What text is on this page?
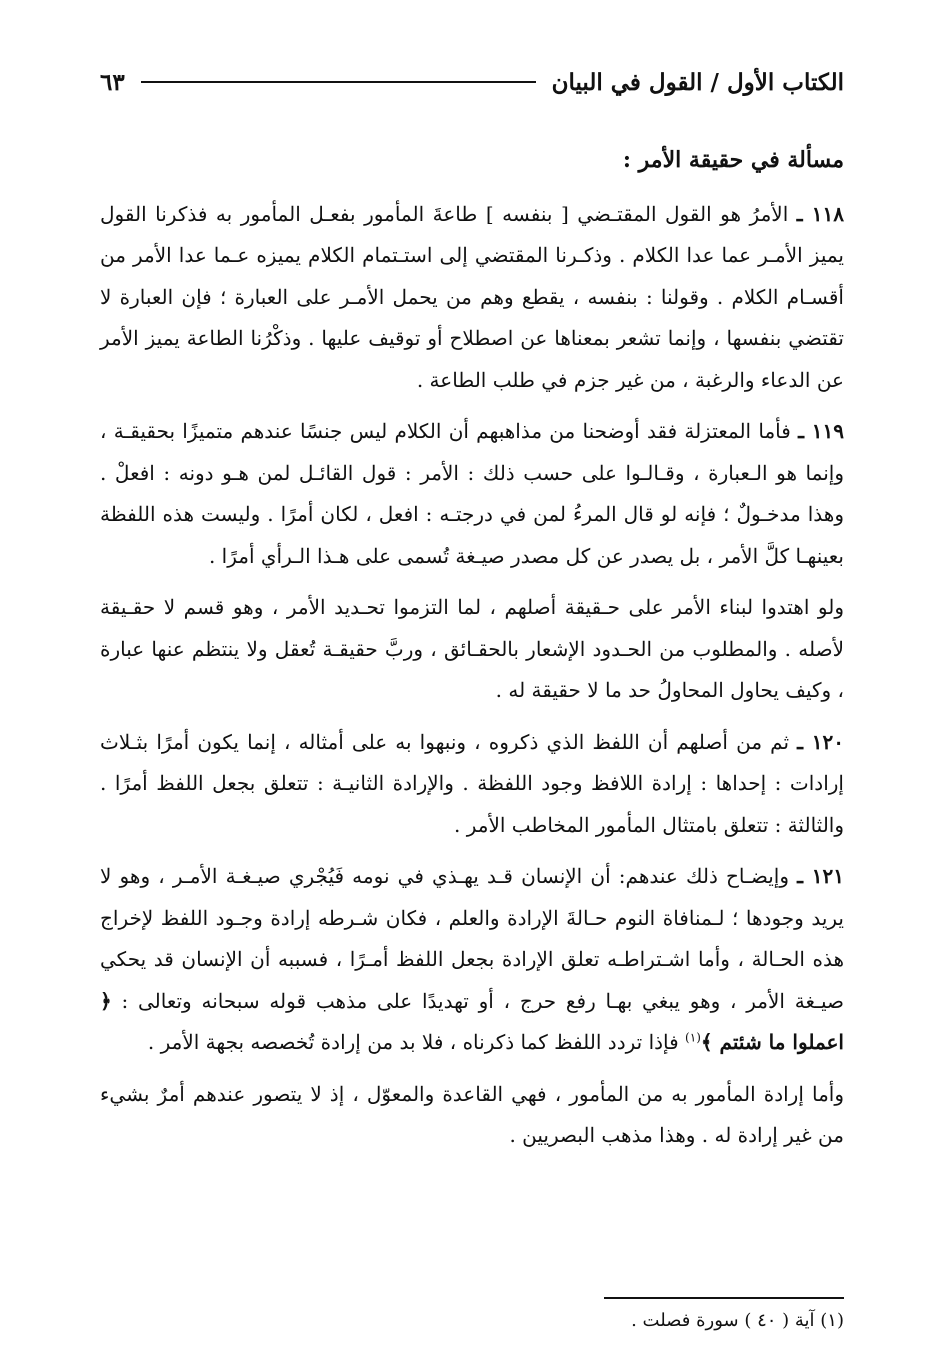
الكتاب الأول / القول في البيان
٦٣
مسألة في حقيقة الأمر :

١١٨ ـ الأمرُ هو القول المقتـضي [ بنفسه ] طاعةَ المأمور بفعـل المأمور به فذكرنا القول يميز الأمـر عما عدا الكلام . وذكـرنا المقتضي إلى استـتمام الكلام يميزه عـما عدا الأمر من أقسـام الكلام . وقولنا : بنفسه ، يقطع وهم من يحمل الأمـر على العبارة ؛ فإن العبارة لا تقتضي بنفسها ، وإنما تشعر بمعناها عن اصطلاح أو توقيف عليها . وذكْرُنا الطاعة يميز الأمر عن الدعاء والرغبة ، من غير جزم في طلب الطاعة .

١١٩ ـ فأما المعتزلة فقد أوضحنا من مذاهبهم أن الكلام ليس جنسًا عندهم متميزًا بحقيقـة ، وإنما هو الـعبارة ، وقـالـوا على حسب ذلك : الأمر : قول القائـل لمن هـو دونه : افعلْ . وهذا مدخـولٌ ؛ فإنه لو قال المرءُ لمن في درجتـه : افعل ، لكان أمرًا . وليست هذه اللفظة بعينهـا كلَّ الأمر ، بل يصدر عن كل مصدر صيـغة تُسمى على هـذا الـرأي أمرًا .

ولو اهتدوا لبناء الأمر على حـقيقة أصلهم ، لما التزموا تحـديد الأمر ، وهو قسم لا حقـيقة لأصله . والمطلوب من الحـدود الإشعار بالحقـائق ، وربَّ حقيقـة تُعقل ولا ينتظم عنها عبارة ، وكيف يحاول المحاولُ حد ما لا حقيقة له .

١٢٠ ـ ثم من أصلهم أن اللفظ الذي ذكروه ، ونبهوا به على أمثاله ، إنما يكون أمرًا بثـلاث إرادات : إحداها : إرادة اللافظ وجود اللفظة . والإرادة الثانيـة : تتعلق بجعل اللفظ أمرًا . والثالثة : تتعلق بامتثال المأمور المخاطب الأمر .

١٢١ ـ وإيضـاح ذلك عندهم: أن الإنسان قـد يهـذي في نومه فَيُجْري صيـغـة الأمـر ، وهو لا يريد وجودها ؛ لـمنافاة النوم حـالةَ الإرادة والعلم ، فكان شـرطه إرادة وجـود اللفظ لإخراج هذه الحـالة ، وأما اشـتراطـه تعلق الإرادة بجعل اللفظ أمـرًا ، فسببه أن الإنسان قد يحكي صيـغة الأمر ، وهو يبغي بهـا رفع حرج ، أو تهديدًا على مذهب قوله سبحانه وتعالى : ﴿ اعملوا ما شئتم ﴾$^{(١)}$ فإذا تردد اللفظ كما ذكرناه ، فلا بد من إرادة تُخصصه بجهة الأمر .

وأما إرادة المأمور به من المأمور ، فهي القاعدة والمعوّل ، إذ لا يتصور عندهم أمرٌ بشيء من غير إرادة له . وهذا مذهب البصريين .

(١) آية ( ٤٠ ) سورة فصلت .
